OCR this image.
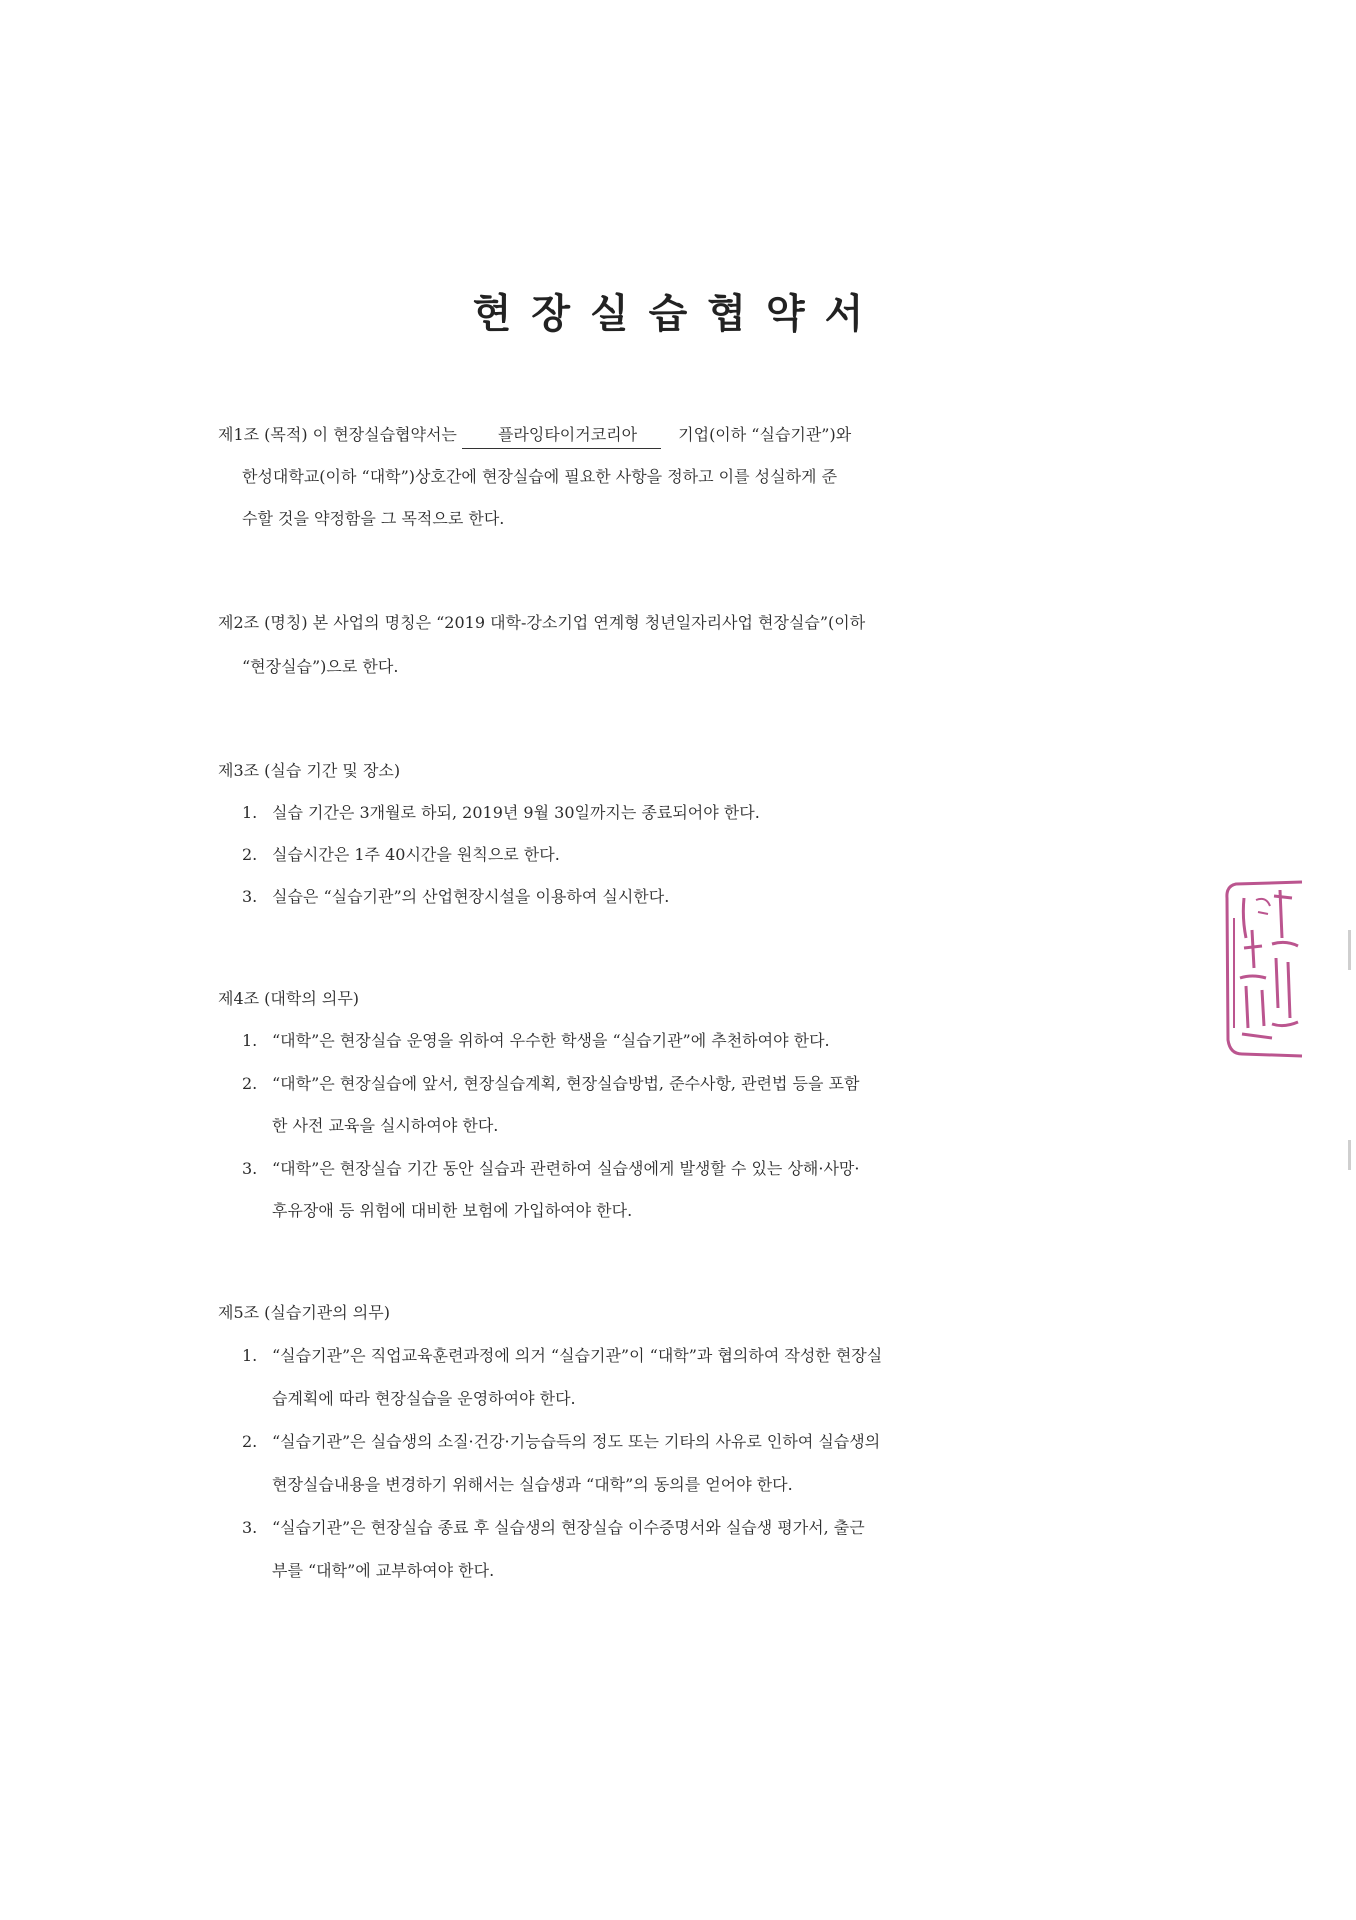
현장실습협약서
제1조 (목적) 이 현장실습협약서는	플라잉타이거코리아	기업(이하 “실습기관”)와
한성대학교(이하 “대학”)상호간에 현장실습에 필요한 사항을 정하고 이를 성실하게 준
수할 것을 약정함을 그 목적으로 한다.
제2조 (명칭) 본 사업의 명칭은 “2019 대학-강소기업 연계형 청년일자리사업 현장실습”(이하
“현장실습”)으로 한다.
제3조 (실습 기간 및 장소)
1. 실습 기간은 3개월로 하되, 2019년 9월 30일까지는 종료되어야 한다.
2. 실습시간은 1주 40시간을 원칙으로 한다.
3. 실습은 “실습기관”의 산업현장시설을 이용하여 실시한다.
제4조 (대학의 의무)
1. “대학”은 현장실습 운영을 위하여 우수한 학생을 “실습기관”에 추천하여야 한다.
2. “대학”은 현장실습에 앞서, 현장실습계획, 현장실습방법, 준수사항, 관련법 등을 포함
한 사전 교육을 실시하여야 한다.
3. “대학”은 현장실습 기간 동안 실습과 관련하여 실습생에게 발생할 수 있는 상해·사망·
후유장애 등 위험에 대비한 보험에 가입하여야 한다.
제5조 (실습기관의 의무)
1. “실습기관”은 직업교육훈련과정에 의거 “실습기관”이 “대학”과 협의하여 작성한 현장실
습계획에 따라 현장실습을 운영하여야 한다.
2. “실습기관”은 실습생의 소질·건강·기능습득의 정도 또는 기타의 사유로 인하여 실습생의
현장실습내용을 변경하기 위해서는 실습생과 “대학”의 동의를 얻어야 한다.
3. “실습기관”은 현장실습 종료 후 실습생의 현장실습 이수증명서와 실습생 평가서, 출근
부를 “대학”에 교부하여야 한다.
